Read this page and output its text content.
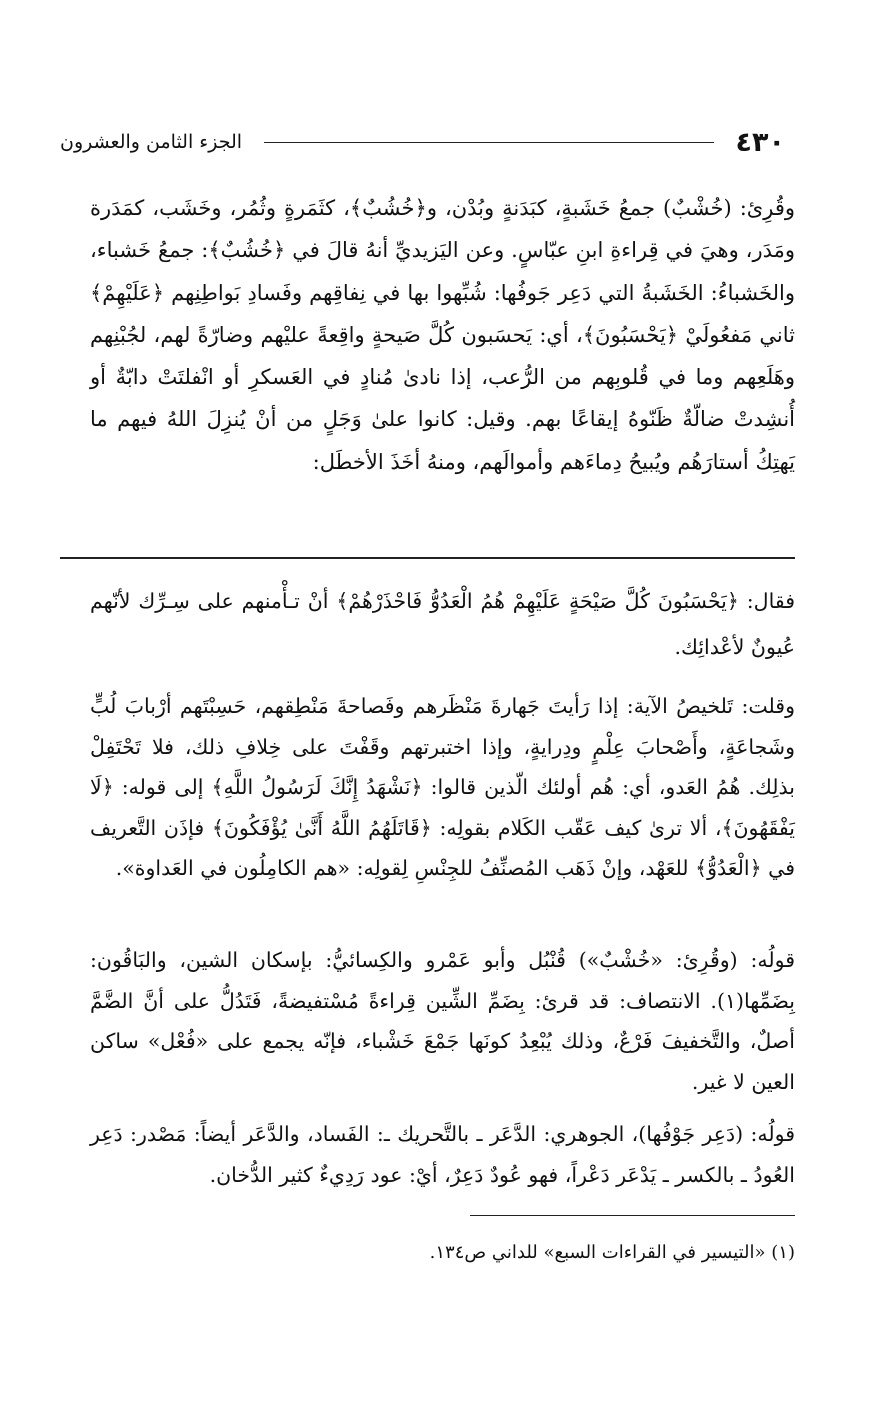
٤٣٠
الجزء الثامن والعشرون

وقُرِئ: (خُشْبٌ) جمعُ خَشَبةٍ، كبَدَنةٍ وبُدْن، و﴿خُشُبٌ﴾، كثَمَرةٍ وثُمُر، وخَشَب، كمَدَرة ومَدَر، وهيَ في قِراءةِ ابنِ عبّاسٍ. وعن اليَزيديِّ أنهُ قالَ في ﴿خُشُبٌ﴾: جمعُ خَشباء، والخَشباءُ: الخَشَبةُ التي دَعِر جَوفُها: شُبِّهوا بها في نِفاقِهم وفَسادِ بَواطِنِهم ﴿عَلَيْهِمْ﴾ ثاني مَفعُولَيْ ﴿يَحْسَبُونَ﴾، أي: يَحسَبون كُلَّ صَيحةٍ واقِعةً عليْهم وضارّةً لهم، لجُبْنِهم وهَلَعِهم وما في قُلوبِهم من الرُّعب، إذا نادىٰ مُنادٍ في العَسكرِ أو انْفلتَتْ دابّةٌ أو أُنشِدتْ ضالّةٌ ظَنّوهُ إيقاعًا بهم. وقيل: كانوا علىٰ وَجَلٍ من أنْ يُنزِلَ اللهُ فيهم ما يَهتِكُ أستارَهُم ويُبيحُ دِماءَهم وأموالَهم، ومنهُ أخَذَ الأخطَل:

فقال: ﴿يَحْسَبُونَ كُلَّ صَيْحَةٍ عَلَيْهِمْ هُمُ الْعَدُوُّ فَاحْذَرْهُمْ﴾ أنْ تـأْمنهم على سِـرِّك لأنّهم عُيونٌ لأعْدائِك.

وقلت: تَلخيصُ الآية: إذا رَأيتَ جَهارةَ مَنْظَرهم وفَصاحةَ مَنْطِقهم، حَسِبْتَهم أرْبابَ لُبٍّ وشَجاعَةٍ، وأَصْحابَ عِلْمٍ ودِرايةٍ، وإذا اختبرتهم وقَفْتَ على خِلافِ ذلك، فلا تَحْتَفِلْ بذلِك. هُمُ العَدو، أي: هُم أولئك الّذين قالوا: ﴿نَشْهَدُ إِنَّكَ لَرَسُولُ اللَّهِ﴾ إلى قوله: ﴿لَا يَفْقَهُونَ﴾، ألا ترىٰ كيف عَقّب الكَلام بقولِه: ﴿قَاتَلَهُمُ اللَّهُ أَنَّىٰ يُؤْفَكُونَ﴾ فإذَن التَّعريف في ﴿الْعَدُوُّ﴾ للعَهْد، وإنْ ذَهَب المُصنِّفُ للجِنْسِ لِقولِه: «هم الكامِلُون في العَداوة».

قولُه: (وقُرِئ: «خُشْبٌ») قُنْبُل وأبو عَمْرو والكِسائيُّ: بإسكان الشين، والبَاقُون: بِضَمِّها(١). الانتصاف: قد قرئ: بِضَمِّ الشِّين قِراءةً مُسْتفيضةً، فَتَدُلُّ على أنَّ الضَّمَّ أصلٌ، والتَّخفيفَ فَرْعٌ، وذلك يُبْعِدُ كونَها جَمْعَ خَشْباء، فإنّه يجمع على «فُعْل» ساكن العين لا غير.

قولُه: (دَعِر جَوْفُها)، الجوهري: الدَّعَر ـ بالتَّحريك ـ: الفَساد، والدَّعَر أيضاً: مَصْدر: دَعِر العُودُ ـ بالكسر ـ يَدْعَر دَعْراً، فهو عُودٌ دَعِرٌ، أيْ: عود رَدِيءٌ كثير الدُّخان.

(١) «التيسير في القراءات السبع» للداني ص١٣٤.
